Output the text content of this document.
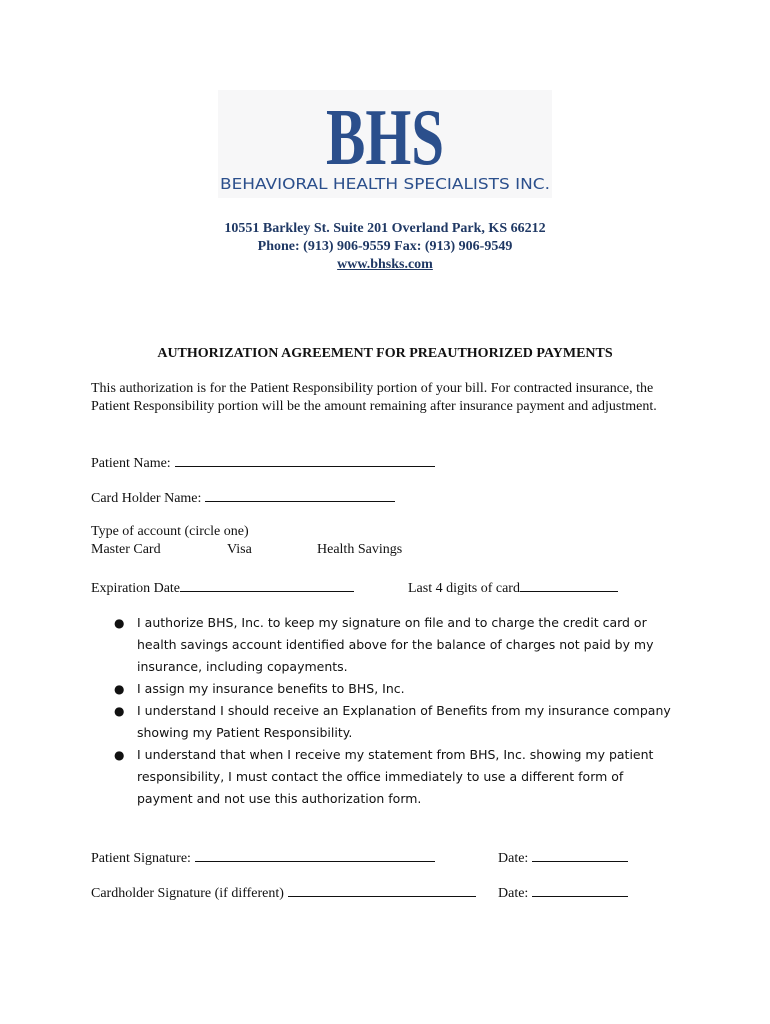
BHS
BEHAVIORAL HEALTH SPECIALISTS INC.
10551 Barkley St. Suite 201 Overland Park, KS 66212
Phone: (913) 906-9559 Fax: (913) 906-9549
www.bhsks.com
AUTHORIZATION AGREEMENT FOR PREAUTHORIZED PAYMENTS
This authorization is for the Patient Responsibility portion of your bill. For contracted insurance, the Patient Responsibility portion will be the amount remaining after insurance payment and adjustment.
Patient Name:
Card Holder Name:
Type of account (circle one)
Master Card	Visa	Health Savings
Expiration Date	Last 4 digits of card
● I authorize BHS, Inc. to keep my signature on file and to charge the credit card or health savings account identified above for the balance of charges not paid by my insurance, including copayments.
● I assign my insurance benefits to BHS, Inc.
● I understand I should receive an Explanation of Benefits from my insurance company showing my Patient Responsibility.
● I understand that when I receive my statement from BHS, Inc. showing my patient responsibility, I must contact the office immediately to use a different form of payment and not use this authorization form.
Patient Signature:	Date:
Cardholder Signature (if different)	Date:
